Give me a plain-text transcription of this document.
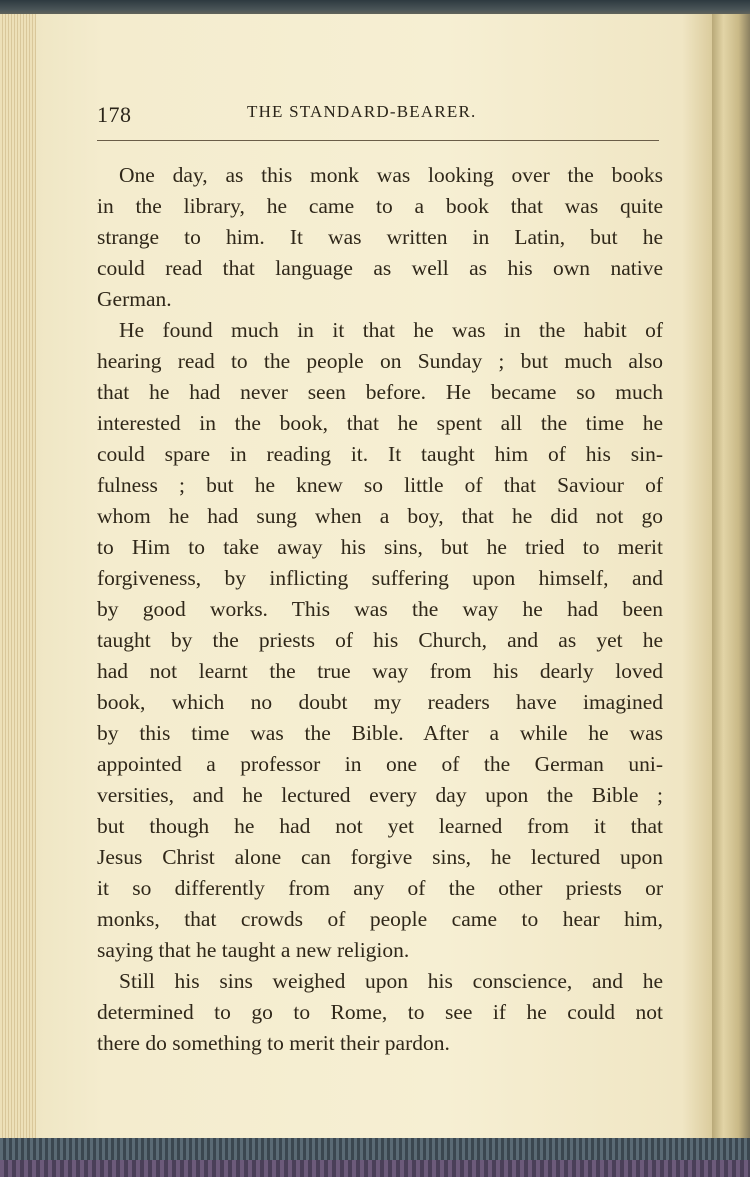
178	THE STANDARD-BEARER.
One day, as this monk was looking over the books
in the library, he came to a book that was quite
strange to him. It was written in Latin, but he
could read that language as well as his own native
German.
He found much in it that he was in the habit of
hearing read to the people on Sunday ; but much also
that he had never seen before. He became so much
interested in the book, that he spent all the time he
could spare in reading it. It taught him of his sin-
fulness ; but he knew so little of that Saviour of
whom he had sung when a boy, that he did not go
to Him to take away his sins, but he tried to merit
forgiveness, by inflicting suffering upon himself, and
by good works. This was the way he had been
taught by the priests of his Church, and as yet he
had not learnt the true way from his dearly loved
book, which no doubt my readers have imagined
by this time was the Bible. After a while he was
appointed a professor in one of the German uni-
versities, and he lectured every day upon the Bible ;
but though he had not yet learned from it that
Jesus Christ alone can forgive sins, he lectured upon
it so differently from any of the other priests or
monks, that crowds of people came to hear him,
saying that he taught a new religion.
Still his sins weighed upon his conscience, and he
determined to go to Rome, to see if he could not
there do something to merit their pardon.
